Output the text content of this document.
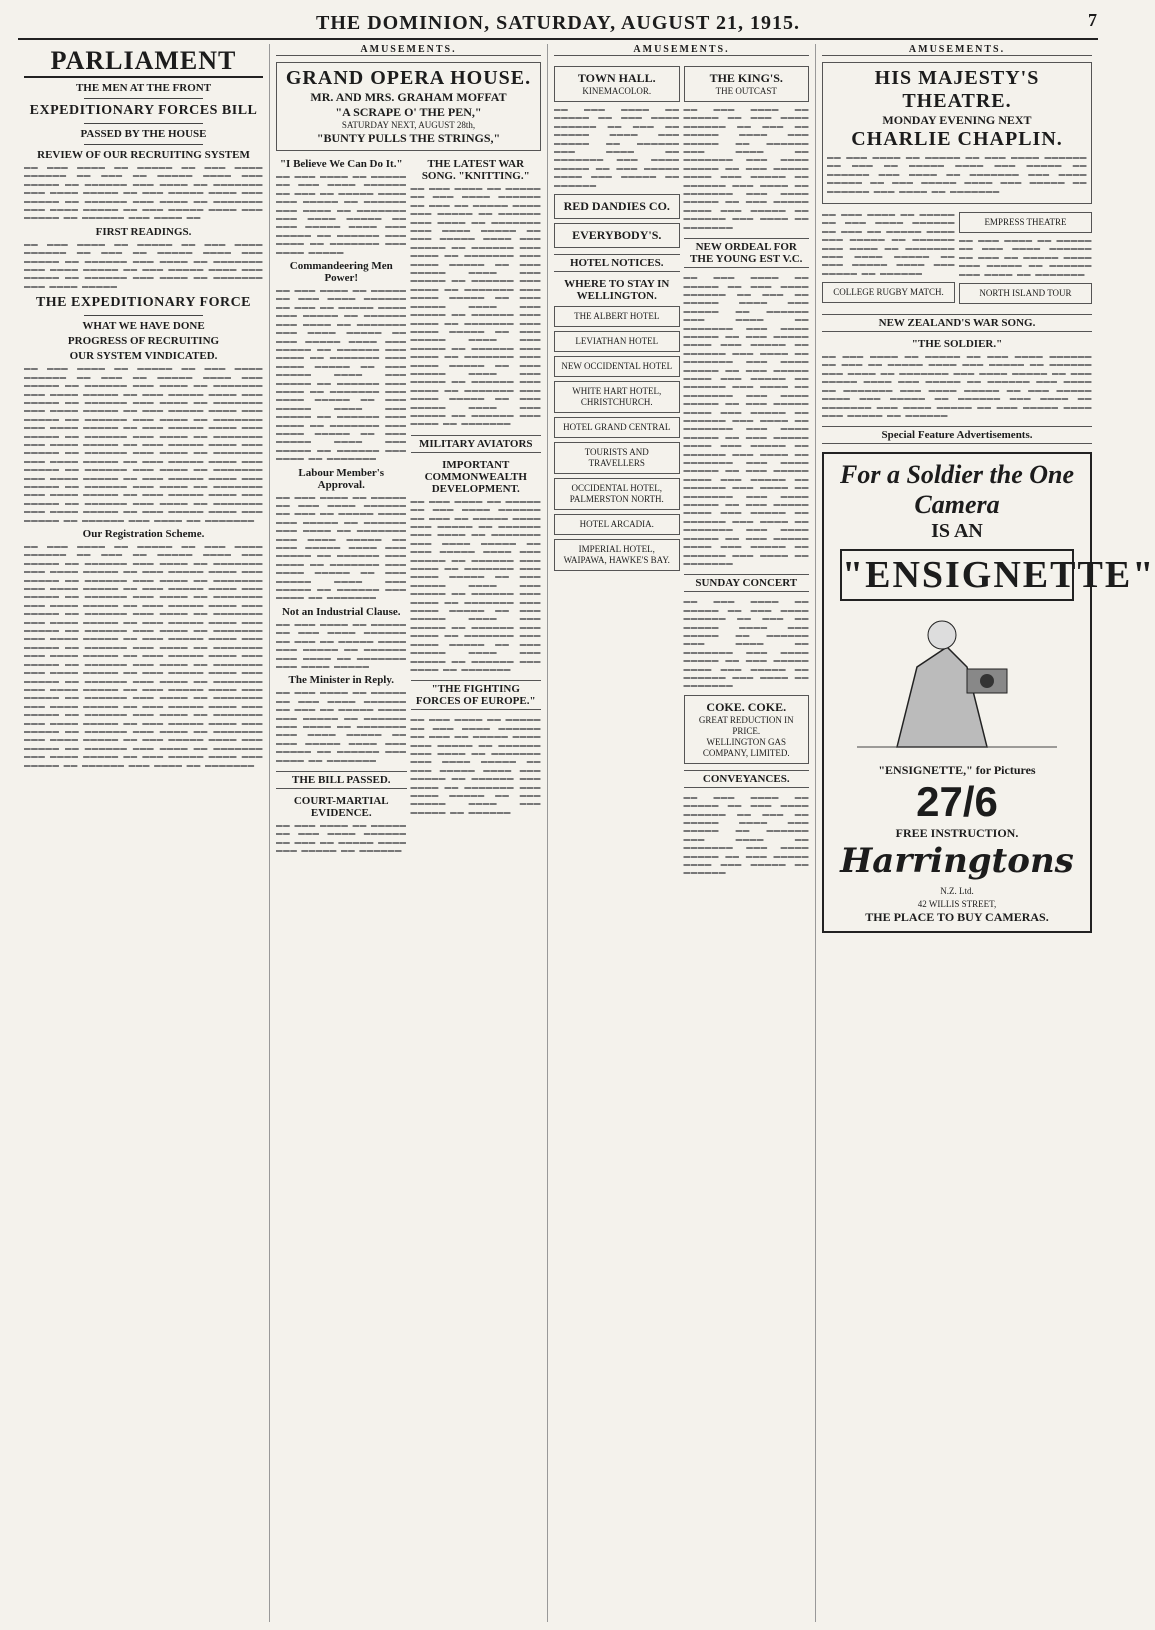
THE DOMINION, SATURDAY, AUGUST 21, 1915.	7
PARLIAMENT
THE MEN AT THE FRONT
EXPEDITIONARY FORCES BILL
PASSED BY THE HOUSE
REVIEW OF OUR RECRUITING SYSTEM
▬▬ ▬▬▬ ▬▬▬▬ ▬▬ ▬▬▬▬▬ ▬▬ ▬▬▬ ▬▬▬▬ ▬▬▬▬▬▬ ▬▬ ▬▬▬ ▬▬ ▬▬▬▬▬ ▬▬▬▬ ▬▬▬ ▬▬▬▬▬ ▬▬ ▬▬▬▬▬▬ ▬▬▬ ▬▬▬▬ ▬▬ ▬▬▬▬▬▬▬ ▬▬▬ ▬▬▬▬ ▬▬▬▬▬ ▬▬ ▬▬▬ ▬▬▬▬▬ ▬▬▬▬ ▬▬▬ ▬▬▬▬▬ ▬▬ ▬▬▬▬▬▬ ▬▬▬ ▬▬▬▬ ▬▬ ▬▬▬▬▬▬▬ ▬▬▬ ▬▬▬▬ ▬▬▬▬▬ ▬▬ ▬▬▬ ▬▬▬▬▬ ▬▬▬▬ ▬▬▬ ▬▬▬▬▬ ▬▬ ▬▬▬▬▬▬ ▬▬▬ ▬▬▬▬ ▬▬
FIRST READINGS.
▬▬ ▬▬▬ ▬▬▬▬ ▬▬ ▬▬▬▬▬ ▬▬ ▬▬▬ ▬▬▬▬ ▬▬▬▬▬▬ ▬▬ ▬▬▬ ▬▬ ▬▬▬▬▬ ▬▬▬▬ ▬▬▬ ▬▬▬▬▬ ▬▬ ▬▬▬▬▬▬ ▬▬▬ ▬▬▬▬ ▬▬ ▬▬▬▬▬▬▬ ▬▬▬ ▬▬▬▬ ▬▬▬▬▬ ▬▬ ▬▬▬ ▬▬▬▬▬ ▬▬▬▬ ▬▬▬ ▬▬▬▬▬ ▬▬ ▬▬▬▬▬▬ ▬▬▬ ▬▬▬▬ ▬▬ ▬▬▬▬▬▬▬ ▬▬▬ ▬▬▬▬ ▬▬▬▬▬
THE EXPEDITIONARY FORCE
WHAT WE HAVE DONE
PROGRESS OF RECRUITING
OUR SYSTEM VINDICATED.
▬▬ ▬▬▬ ▬▬▬▬ ▬▬ ▬▬▬▬▬ ▬▬ ▬▬▬ ▬▬▬▬ ▬▬▬▬▬▬ ▬▬ ▬▬▬ ▬▬ ▬▬▬▬▬ ▬▬▬▬ ▬▬▬ ▬▬▬▬▬ ▬▬ ▬▬▬▬▬▬ ▬▬▬ ▬▬▬▬ ▬▬ ▬▬▬▬▬▬▬ ▬▬▬ ▬▬▬▬ ▬▬▬▬▬ ▬▬ ▬▬▬ ▬▬▬▬▬ ▬▬▬▬ ▬▬▬ ▬▬▬▬▬ ▬▬ ▬▬▬▬▬▬ ▬▬▬ ▬▬▬▬ ▬▬ ▬▬▬▬▬▬▬ ▬▬▬ ▬▬▬▬ ▬▬▬▬▬ ▬▬ ▬▬▬ ▬▬▬▬▬ ▬▬▬▬ ▬▬▬ ▬▬▬▬▬ ▬▬ ▬▬▬▬▬▬ ▬▬▬ ▬▬▬▬ ▬▬ ▬▬▬▬▬▬▬ ▬▬▬ ▬▬▬▬ ▬▬▬▬▬ ▬▬ ▬▬▬ ▬▬▬▬▬ ▬▬▬▬ ▬▬▬ ▬▬▬▬▬ ▬▬ ▬▬▬▬▬▬ ▬▬▬ ▬▬▬▬ ▬▬ ▬▬▬▬▬▬▬ ▬▬▬ ▬▬▬▬ ▬▬▬▬▬ ▬▬ ▬▬▬ ▬▬▬▬▬ ▬▬▬▬ ▬▬▬ ▬▬▬▬▬ ▬▬ ▬▬▬▬▬▬ ▬▬▬ ▬▬▬▬ ▬▬ ▬▬▬▬▬▬▬ ▬▬▬ ▬▬▬▬ ▬▬▬▬▬ ▬▬ ▬▬▬ ▬▬▬▬▬ ▬▬▬▬ ▬▬▬ ▬▬▬▬▬ ▬▬ ▬▬▬▬▬▬ ▬▬▬ ▬▬▬▬ ▬▬ ▬▬▬▬▬▬▬ ▬▬▬ ▬▬▬▬ ▬▬▬▬▬ ▬▬ ▬▬▬ ▬▬▬▬▬ ▬▬▬▬ ▬▬▬ ▬▬▬▬▬ ▬▬ ▬▬▬▬▬▬ ▬▬▬ ▬▬▬▬ ▬▬ ▬▬▬▬▬▬▬ ▬▬▬ ▬▬▬▬ ▬▬▬▬▬ ▬▬ ▬▬▬ ▬▬▬▬▬ ▬▬▬▬ ▬▬▬ ▬▬▬▬▬ ▬▬ ▬▬▬▬▬▬ ▬▬▬ ▬▬▬▬ ▬▬ ▬▬▬▬▬▬▬ ▬▬▬ ▬▬▬▬ ▬▬▬▬▬ ▬▬ ▬▬▬ ▬▬▬▬▬ ▬▬▬▬ ▬▬▬ ▬▬▬▬▬ ▬▬ ▬▬▬▬▬▬ ▬▬▬ ▬▬▬▬ ▬▬ ▬▬▬▬▬▬▬
Our Registration Scheme.
▬▬ ▬▬▬ ▬▬▬▬ ▬▬ ▬▬▬▬▬ ▬▬ ▬▬▬ ▬▬▬▬ ▬▬▬▬▬▬ ▬▬ ▬▬▬ ▬▬ ▬▬▬▬▬ ▬▬▬▬ ▬▬▬ ▬▬▬▬▬ ▬▬ ▬▬▬▬▬▬ ▬▬▬ ▬▬▬▬ ▬▬ ▬▬▬▬▬▬▬ ▬▬▬ ▬▬▬▬ ▬▬▬▬▬ ▬▬ ▬▬▬ ▬▬▬▬▬ ▬▬▬▬ ▬▬▬ ▬▬▬▬▬ ▬▬ ▬▬▬▬▬▬ ▬▬▬ ▬▬▬▬ ▬▬ ▬▬▬▬▬▬▬ ▬▬▬ ▬▬▬▬ ▬▬▬▬▬ ▬▬ ▬▬▬ ▬▬▬▬▬ ▬▬▬▬ ▬▬▬ ▬▬▬▬▬ ▬▬ ▬▬▬▬▬▬ ▬▬▬ ▬▬▬▬ ▬▬ ▬▬▬▬▬▬▬ ▬▬▬ ▬▬▬▬ ▬▬▬▬▬ ▬▬ ▬▬▬ ▬▬▬▬▬ ▬▬▬▬ ▬▬▬ ▬▬▬▬▬ ▬▬ ▬▬▬▬▬▬ ▬▬▬ ▬▬▬▬ ▬▬ ▬▬▬▬▬▬▬ ▬▬▬ ▬▬▬▬ ▬▬▬▬▬ ▬▬ ▬▬▬ ▬▬▬▬▬ ▬▬▬▬ ▬▬▬ ▬▬▬▬▬ ▬▬ ▬▬▬▬▬▬ ▬▬▬ ▬▬▬▬ ▬▬ ▬▬▬▬▬▬▬ ▬▬▬ ▬▬▬▬ ▬▬▬▬▬ ▬▬ ▬▬▬ ▬▬▬▬▬ ▬▬▬▬ ▬▬▬ ▬▬▬▬▬ ▬▬ ▬▬▬▬▬▬ ▬▬▬ ▬▬▬▬ ▬▬ ▬▬▬▬▬▬▬ ▬▬▬ ▬▬▬▬ ▬▬▬▬▬ ▬▬ ▬▬▬ ▬▬▬▬▬ ▬▬▬▬ ▬▬▬ ▬▬▬▬▬ ▬▬ ▬▬▬▬▬▬ ▬▬▬ ▬▬▬▬ ▬▬ ▬▬▬▬▬▬▬ ▬▬▬ ▬▬▬▬ ▬▬▬▬▬ ▬▬ ▬▬▬ ▬▬▬▬▬ ▬▬▬▬ ▬▬▬ ▬▬▬▬▬ ▬▬ ▬▬▬▬▬▬ ▬▬▬ ▬▬▬▬ ▬▬ ▬▬▬▬▬▬▬ ▬▬▬ ▬▬▬▬ ▬▬▬▬▬ ▬▬ ▬▬▬ ▬▬▬▬▬ ▬▬▬▬ ▬▬▬ ▬▬▬▬▬ ▬▬ ▬▬▬▬▬▬ ▬▬▬ ▬▬▬▬ ▬▬ ▬▬▬▬▬▬▬ ▬▬▬ ▬▬▬▬ ▬▬▬▬▬ ▬▬ ▬▬▬ ▬▬▬▬▬ ▬▬▬▬ ▬▬▬ ▬▬▬▬▬ ▬▬ ▬▬▬▬▬▬ ▬▬▬ ▬▬▬▬ ▬▬ ▬▬▬▬▬▬▬ ▬▬▬ ▬▬▬▬ ▬▬▬▬▬ ▬▬ ▬▬▬ ▬▬▬▬▬ ▬▬▬▬ ▬▬▬ ▬▬▬▬▬ ▬▬ ▬▬▬▬▬▬ ▬▬▬ ▬▬▬▬ ▬▬ ▬▬▬▬▬▬▬ ▬▬▬ ▬▬▬▬ ▬▬▬▬▬ ▬▬ ▬▬▬ ▬▬▬▬▬ ▬▬▬▬ ▬▬▬ ▬▬▬▬▬ ▬▬ ▬▬▬▬▬▬ ▬▬▬ ▬▬▬▬ ▬▬ ▬▬▬▬▬▬▬ ▬▬▬ ▬▬▬▬ ▬▬▬▬▬ ▬▬ ▬▬▬ ▬▬▬▬▬ ▬▬▬▬ ▬▬▬ ▬▬▬▬▬ ▬▬ ▬▬▬▬▬▬ ▬▬▬ ▬▬▬▬ ▬▬ ▬▬▬▬▬▬▬
AMUSEMENTS.
GRAND OPERA HOUSE.
MR. AND MRS. GRAHAM MOFFAT
"A SCRAPE O' THE PEN,"
SATURDAY NEXT, AUGUST 28th,
"BUNTY PULLS THE STRINGS,"
"I Believe We Can Do It."
▬▬ ▬▬▬ ▬▬▬▬ ▬▬ ▬▬▬▬▬ ▬▬ ▬▬▬ ▬▬▬▬ ▬▬▬▬▬▬ ▬▬ ▬▬▬ ▬▬ ▬▬▬▬▬ ▬▬▬▬ ▬▬▬ ▬▬▬▬▬ ▬▬ ▬▬▬▬▬▬ ▬▬▬ ▬▬▬▬ ▬▬ ▬▬▬▬▬▬▬ ▬▬▬ ▬▬▬▬ ▬▬▬▬▬ ▬▬ ▬▬▬ ▬▬▬▬▬ ▬▬▬▬ ▬▬▬ ▬▬▬▬▬ ▬▬ ▬▬▬▬▬▬ ▬▬▬ ▬▬▬▬ ▬▬ ▬▬▬▬▬▬▬ ▬▬▬ ▬▬▬▬ ▬▬▬▬▬
Commandeering Men Power!
▬▬ ▬▬▬ ▬▬▬▬ ▬▬ ▬▬▬▬▬ ▬▬ ▬▬▬ ▬▬▬▬ ▬▬▬▬▬▬ ▬▬ ▬▬▬ ▬▬ ▬▬▬▬▬ ▬▬▬▬ ▬▬▬ ▬▬▬▬▬ ▬▬ ▬▬▬▬▬▬ ▬▬▬ ▬▬▬▬ ▬▬ ▬▬▬▬▬▬▬ ▬▬▬ ▬▬▬▬ ▬▬▬▬▬ ▬▬ ▬▬▬ ▬▬▬▬▬ ▬▬▬▬ ▬▬▬ ▬▬▬▬▬ ▬▬ ▬▬▬▬▬▬ ▬▬▬ ▬▬▬▬ ▬▬ ▬▬▬▬▬▬▬ ▬▬▬ ▬▬▬▬ ▬▬▬▬▬ ▬▬ ▬▬▬ ▬▬▬▬▬ ▬▬▬▬ ▬▬▬ ▬▬▬▬▬ ▬▬ ▬▬▬▬▬▬ ▬▬▬ ▬▬▬▬ ▬▬ ▬▬▬▬▬▬▬ ▬▬▬ ▬▬▬▬ ▬▬▬▬▬ ▬▬ ▬▬▬ ▬▬▬▬▬ ▬▬▬▬ ▬▬▬ ▬▬▬▬▬ ▬▬ ▬▬▬▬▬▬ ▬▬▬ ▬▬▬▬ ▬▬ ▬▬▬▬▬▬▬ ▬▬▬ ▬▬▬▬ ▬▬▬▬▬ ▬▬ ▬▬▬ ▬▬▬▬▬ ▬▬▬▬ ▬▬▬ ▬▬▬▬▬ ▬▬ ▬▬▬▬▬▬ ▬▬▬ ▬▬▬▬ ▬▬ ▬▬▬▬▬▬▬
Labour Member's Approval.
▬▬ ▬▬▬ ▬▬▬▬ ▬▬ ▬▬▬▬▬ ▬▬ ▬▬▬ ▬▬▬▬ ▬▬▬▬▬▬ ▬▬ ▬▬▬ ▬▬ ▬▬▬▬▬ ▬▬▬▬ ▬▬▬ ▬▬▬▬▬ ▬▬ ▬▬▬▬▬▬ ▬▬▬ ▬▬▬▬ ▬▬ ▬▬▬▬▬▬▬ ▬▬▬ ▬▬▬▬ ▬▬▬▬▬ ▬▬ ▬▬▬ ▬▬▬▬▬ ▬▬▬▬ ▬▬▬ ▬▬▬▬▬ ▬▬ ▬▬▬▬▬▬ ▬▬▬ ▬▬▬▬ ▬▬ ▬▬▬▬▬▬▬ ▬▬▬ ▬▬▬▬ ▬▬▬▬▬ ▬▬ ▬▬▬ ▬▬▬▬▬ ▬▬▬▬ ▬▬▬ ▬▬▬▬▬ ▬▬ ▬▬▬▬▬▬ ▬▬▬ ▬▬▬▬ ▬▬ ▬▬▬▬▬▬▬
Not an Industrial Clause.
▬▬ ▬▬▬ ▬▬▬▬ ▬▬ ▬▬▬▬▬ ▬▬ ▬▬▬ ▬▬▬▬ ▬▬▬▬▬▬ ▬▬ ▬▬▬ ▬▬ ▬▬▬▬▬ ▬▬▬▬ ▬▬▬ ▬▬▬▬▬ ▬▬ ▬▬▬▬▬▬ ▬▬▬ ▬▬▬▬ ▬▬ ▬▬▬▬▬▬▬ ▬▬▬ ▬▬▬▬ ▬▬▬▬▬
The Minister in Reply.
▬▬ ▬▬▬ ▬▬▬▬ ▬▬ ▬▬▬▬▬ ▬▬ ▬▬▬ ▬▬▬▬ ▬▬▬▬▬▬ ▬▬ ▬▬▬ ▬▬ ▬▬▬▬▬ ▬▬▬▬ ▬▬▬ ▬▬▬▬▬ ▬▬ ▬▬▬▬▬▬ ▬▬▬ ▬▬▬▬ ▬▬ ▬▬▬▬▬▬▬ ▬▬▬ ▬▬▬▬ ▬▬▬▬▬ ▬▬ ▬▬▬ ▬▬▬▬▬ ▬▬▬▬ ▬▬▬ ▬▬▬▬▬ ▬▬ ▬▬▬▬▬▬ ▬▬▬ ▬▬▬▬ ▬▬ ▬▬▬▬▬▬▬
THE BILL PASSED.
COURT-MARTIAL EVIDENCE.
▬▬ ▬▬▬ ▬▬▬▬ ▬▬ ▬▬▬▬▬ ▬▬ ▬▬▬ ▬▬▬▬ ▬▬▬▬▬▬ ▬▬ ▬▬▬ ▬▬ ▬▬▬▬▬ ▬▬▬▬ ▬▬▬ ▬▬▬▬▬ ▬▬ ▬▬▬▬▬▬
THE LATEST WAR SONG. "KNITTING."
▬▬ ▬▬▬ ▬▬▬▬ ▬▬ ▬▬▬▬▬ ▬▬ ▬▬▬ ▬▬▬▬ ▬▬▬▬▬▬ ▬▬ ▬▬▬ ▬▬ ▬▬▬▬▬ ▬▬▬▬ ▬▬▬ ▬▬▬▬▬ ▬▬ ▬▬▬▬▬▬ ▬▬▬ ▬▬▬▬ ▬▬ ▬▬▬▬▬▬▬ ▬▬▬ ▬▬▬▬ ▬▬▬▬▬ ▬▬ ▬▬▬ ▬▬▬▬▬ ▬▬▬▬ ▬▬▬ ▬▬▬▬▬ ▬▬ ▬▬▬▬▬▬ ▬▬▬ ▬▬▬▬ ▬▬ ▬▬▬▬▬▬▬ ▬▬▬ ▬▬▬▬ ▬▬▬▬▬ ▬▬ ▬▬▬ ▬▬▬▬▬ ▬▬▬▬ ▬▬▬ ▬▬▬▬▬ ▬▬ ▬▬▬▬▬▬ ▬▬▬ ▬▬▬▬ ▬▬ ▬▬▬▬▬▬▬ ▬▬▬ ▬▬▬▬ ▬▬▬▬▬ ▬▬ ▬▬▬ ▬▬▬▬▬ ▬▬▬▬ ▬▬▬ ▬▬▬▬▬ ▬▬ ▬▬▬▬▬▬ ▬▬▬ ▬▬▬▬ ▬▬ ▬▬▬▬▬▬▬ ▬▬▬ ▬▬▬▬ ▬▬▬▬▬ ▬▬ ▬▬▬ ▬▬▬▬▬ ▬▬▬▬ ▬▬▬ ▬▬▬▬▬ ▬▬ ▬▬▬▬▬▬ ▬▬▬ ▬▬▬▬ ▬▬ ▬▬▬▬▬▬▬ ▬▬▬ ▬▬▬▬ ▬▬▬▬▬ ▬▬ ▬▬▬ ▬▬▬▬▬ ▬▬▬▬ ▬▬▬ ▬▬▬▬▬ ▬▬ ▬▬▬▬▬▬ ▬▬▬ ▬▬▬▬ ▬▬ ▬▬▬▬▬▬▬ ▬▬▬ ▬▬▬▬ ▬▬▬▬▬ ▬▬ ▬▬▬ ▬▬▬▬▬ ▬▬▬▬ ▬▬▬ ▬▬▬▬▬ ▬▬ ▬▬▬▬▬▬ ▬▬▬ ▬▬▬▬ ▬▬ ▬▬▬▬▬▬▬
MILITARY AVIATORS
IMPORTANT COMMONWEALTH DEVELOPMENT.
▬▬ ▬▬▬ ▬▬▬▬ ▬▬ ▬▬▬▬▬ ▬▬ ▬▬▬ ▬▬▬▬ ▬▬▬▬▬▬ ▬▬ ▬▬▬ ▬▬ ▬▬▬▬▬ ▬▬▬▬ ▬▬▬ ▬▬▬▬▬ ▬▬ ▬▬▬▬▬▬ ▬▬▬ ▬▬▬▬ ▬▬ ▬▬▬▬▬▬▬ ▬▬▬ ▬▬▬▬ ▬▬▬▬▬ ▬▬ ▬▬▬ ▬▬▬▬▬ ▬▬▬▬ ▬▬▬ ▬▬▬▬▬ ▬▬ ▬▬▬▬▬▬ ▬▬▬ ▬▬▬▬ ▬▬ ▬▬▬▬▬▬▬ ▬▬▬ ▬▬▬▬ ▬▬▬▬▬ ▬▬ ▬▬▬ ▬▬▬▬▬ ▬▬▬▬ ▬▬▬ ▬▬▬▬▬ ▬▬ ▬▬▬▬▬▬ ▬▬▬ ▬▬▬▬ ▬▬ ▬▬▬▬▬▬▬ ▬▬▬ ▬▬▬▬ ▬▬▬▬▬ ▬▬ ▬▬▬ ▬▬▬▬▬ ▬▬▬▬ ▬▬▬ ▬▬▬▬▬ ▬▬ ▬▬▬▬▬▬ ▬▬▬ ▬▬▬▬ ▬▬ ▬▬▬▬▬▬▬ ▬▬▬ ▬▬▬▬ ▬▬▬▬▬ ▬▬ ▬▬▬ ▬▬▬▬▬ ▬▬▬▬ ▬▬▬ ▬▬▬▬▬ ▬▬ ▬▬▬▬▬▬ ▬▬▬ ▬▬▬▬ ▬▬ ▬▬▬▬▬▬▬
"THE FIGHTING FORCES OF EUROPE."
▬▬ ▬▬▬ ▬▬▬▬ ▬▬ ▬▬▬▬▬ ▬▬ ▬▬▬ ▬▬▬▬ ▬▬▬▬▬▬ ▬▬ ▬▬▬ ▬▬ ▬▬▬▬▬ ▬▬▬▬ ▬▬▬ ▬▬▬▬▬ ▬▬ ▬▬▬▬▬▬ ▬▬▬ ▬▬▬▬ ▬▬ ▬▬▬▬▬▬▬ ▬▬▬ ▬▬▬▬ ▬▬▬▬▬ ▬▬ ▬▬▬ ▬▬▬▬▬ ▬▬▬▬ ▬▬▬ ▬▬▬▬▬ ▬▬ ▬▬▬▬▬▬ ▬▬▬ ▬▬▬▬ ▬▬ ▬▬▬▬▬▬▬ ▬▬▬ ▬▬▬▬ ▬▬▬▬▬ ▬▬ ▬▬▬ ▬▬▬▬▬ ▬▬▬▬ ▬▬▬ ▬▬▬▬▬ ▬▬ ▬▬▬▬▬▬
AMUSEMENTS.
TOWN HALL.
KINEMACOLOR.
▬▬ ▬▬▬ ▬▬▬▬ ▬▬ ▬▬▬▬▬ ▬▬ ▬▬▬ ▬▬▬▬ ▬▬▬▬▬▬ ▬▬ ▬▬▬ ▬▬ ▬▬▬▬▬ ▬▬▬▬ ▬▬▬ ▬▬▬▬▬ ▬▬ ▬▬▬▬▬▬ ▬▬▬ ▬▬▬▬ ▬▬ ▬▬▬▬▬▬▬ ▬▬▬ ▬▬▬▬ ▬▬▬▬▬ ▬▬ ▬▬▬ ▬▬▬▬▬ ▬▬▬▬ ▬▬▬ ▬▬▬▬▬ ▬▬ ▬▬▬▬▬▬
RED DANDIES CO.
EVERYBODY'S.
HOTEL NOTICES.
WHERE TO STAY IN WELLINGTON.
THE ALBERT HOTEL
LEVIATHAN HOTEL
NEW OCCIDENTAL HOTEL
WHITE HART HOTEL, CHRISTCHURCH.
HOTEL GRAND CENTRAL
TOURISTS AND TRAVELLERS
OCCIDENTAL HOTEL, PALMERSTON NORTH.
HOTEL ARCADIA.
IMPERIAL HOTEL, WAIPAWA, HAWKE'S BAY.
THE KING'S.
THE OUTCAST
▬▬ ▬▬▬ ▬▬▬▬ ▬▬ ▬▬▬▬▬ ▬▬ ▬▬▬ ▬▬▬▬ ▬▬▬▬▬▬ ▬▬ ▬▬▬ ▬▬ ▬▬▬▬▬ ▬▬▬▬ ▬▬▬ ▬▬▬▬▬ ▬▬ ▬▬▬▬▬▬ ▬▬▬ ▬▬▬▬ ▬▬ ▬▬▬▬▬▬▬ ▬▬▬ ▬▬▬▬ ▬▬▬▬▬ ▬▬ ▬▬▬ ▬▬▬▬▬ ▬▬▬▬ ▬▬▬ ▬▬▬▬▬ ▬▬ ▬▬▬▬▬▬ ▬▬▬ ▬▬▬▬ ▬▬ ▬▬▬▬▬▬▬ ▬▬▬ ▬▬▬▬ ▬▬▬▬▬ ▬▬ ▬▬▬ ▬▬▬▬▬ ▬▬▬▬ ▬▬▬ ▬▬▬▬▬ ▬▬ ▬▬▬▬▬▬ ▬▬▬ ▬▬▬▬ ▬▬ ▬▬▬▬▬▬▬
NEW ORDEAL FOR THE YOUNG EST V.C.
▬▬ ▬▬▬ ▬▬▬▬ ▬▬ ▬▬▬▬▬ ▬▬ ▬▬▬ ▬▬▬▬ ▬▬▬▬▬▬ ▬▬ ▬▬▬ ▬▬ ▬▬▬▬▬ ▬▬▬▬ ▬▬▬ ▬▬▬▬▬ ▬▬ ▬▬▬▬▬▬ ▬▬▬ ▬▬▬▬ ▬▬ ▬▬▬▬▬▬▬ ▬▬▬ ▬▬▬▬ ▬▬▬▬▬ ▬▬ ▬▬▬ ▬▬▬▬▬ ▬▬▬▬ ▬▬▬ ▬▬▬▬▬ ▬▬ ▬▬▬▬▬▬ ▬▬▬ ▬▬▬▬ ▬▬ ▬▬▬▬▬▬▬ ▬▬▬ ▬▬▬▬ ▬▬▬▬▬ ▬▬ ▬▬▬ ▬▬▬▬▬ ▬▬▬▬ ▬▬▬ ▬▬▬▬▬ ▬▬ ▬▬▬▬▬▬ ▬▬▬ ▬▬▬▬ ▬▬ ▬▬▬▬▬▬▬ ▬▬▬ ▬▬▬▬ ▬▬▬▬▬ ▬▬ ▬▬▬ ▬▬▬▬▬ ▬▬▬▬ ▬▬▬ ▬▬▬▬▬ ▬▬ ▬▬▬▬▬▬ ▬▬▬ ▬▬▬▬ ▬▬ ▬▬▬▬▬▬▬ ▬▬▬ ▬▬▬▬ ▬▬▬▬▬ ▬▬ ▬▬▬ ▬▬▬▬▬ ▬▬▬▬ ▬▬▬ ▬▬▬▬▬ ▬▬ ▬▬▬▬▬▬ ▬▬▬ ▬▬▬▬ ▬▬ ▬▬▬▬▬▬▬ ▬▬▬ ▬▬▬▬ ▬▬▬▬▬ ▬▬ ▬▬▬ ▬▬▬▬▬ ▬▬▬▬ ▬▬▬ ▬▬▬▬▬ ▬▬ ▬▬▬▬▬▬ ▬▬▬ ▬▬▬▬ ▬▬ ▬▬▬▬▬▬▬ ▬▬▬ ▬▬▬▬ ▬▬▬▬▬ ▬▬ ▬▬▬ ▬▬▬▬▬ ▬▬▬▬ ▬▬▬ ▬▬▬▬▬ ▬▬ ▬▬▬▬▬▬ ▬▬▬ ▬▬▬▬ ▬▬ ▬▬▬▬▬▬▬ ▬▬▬ ▬▬▬▬ ▬▬▬▬▬ ▬▬ ▬▬▬ ▬▬▬▬▬ ▬▬▬▬ ▬▬▬ ▬▬▬▬▬ ▬▬ ▬▬▬▬▬▬ ▬▬▬ ▬▬▬▬ ▬▬ ▬▬▬▬▬▬▬
SUNDAY CONCERT
▬▬ ▬▬▬ ▬▬▬▬ ▬▬ ▬▬▬▬▬ ▬▬ ▬▬▬ ▬▬▬▬ ▬▬▬▬▬▬ ▬▬ ▬▬▬ ▬▬ ▬▬▬▬▬ ▬▬▬▬ ▬▬▬ ▬▬▬▬▬ ▬▬ ▬▬▬▬▬▬ ▬▬▬ ▬▬▬▬ ▬▬ ▬▬▬▬▬▬▬ ▬▬▬ ▬▬▬▬ ▬▬▬▬▬ ▬▬ ▬▬▬ ▬▬▬▬▬ ▬▬▬▬ ▬▬▬ ▬▬▬▬▬ ▬▬ ▬▬▬▬▬▬ ▬▬▬ ▬▬▬▬ ▬▬ ▬▬▬▬▬▬▬
COKE. COKE.
GREAT REDUCTION IN PRICE.
WELLINGTON GAS COMPANY, LIMITED.
CONVEYANCES.
▬▬ ▬▬▬ ▬▬▬▬ ▬▬ ▬▬▬▬▬ ▬▬ ▬▬▬ ▬▬▬▬ ▬▬▬▬▬▬ ▬▬ ▬▬▬ ▬▬ ▬▬▬▬▬ ▬▬▬▬ ▬▬▬ ▬▬▬▬▬ ▬▬ ▬▬▬▬▬▬ ▬▬▬ ▬▬▬▬ ▬▬ ▬▬▬▬▬▬▬ ▬▬▬ ▬▬▬▬ ▬▬▬▬▬ ▬▬ ▬▬▬ ▬▬▬▬▬ ▬▬▬▬ ▬▬▬ ▬▬▬▬▬ ▬▬ ▬▬▬▬▬▬
AMUSEMENTS.
HIS MAJESTY'S THEATRE.
MONDAY EVENING NEXT
CHARLIE CHAPLIN.
▬▬ ▬▬▬ ▬▬▬▬ ▬▬ ▬▬▬▬▬ ▬▬ ▬▬▬ ▬▬▬▬ ▬▬▬▬▬▬ ▬▬ ▬▬▬ ▬▬ ▬▬▬▬▬ ▬▬▬▬ ▬▬▬ ▬▬▬▬▬ ▬▬ ▬▬▬▬▬▬ ▬▬▬ ▬▬▬▬ ▬▬ ▬▬▬▬▬▬▬ ▬▬▬ ▬▬▬▬ ▬▬▬▬▬ ▬▬ ▬▬▬ ▬▬▬▬▬ ▬▬▬▬ ▬▬▬ ▬▬▬▬▬ ▬▬ ▬▬▬▬▬▬ ▬▬▬ ▬▬▬▬ ▬▬ ▬▬▬▬▬▬▬
▬▬ ▬▬▬ ▬▬▬▬ ▬▬ ▬▬▬▬▬ ▬▬ ▬▬▬ ▬▬▬▬ ▬▬▬▬▬▬ ▬▬ ▬▬▬ ▬▬ ▬▬▬▬▬ ▬▬▬▬ ▬▬▬ ▬▬▬▬▬ ▬▬ ▬▬▬▬▬▬ ▬▬▬ ▬▬▬▬ ▬▬ ▬▬▬▬▬▬▬ ▬▬▬ ▬▬▬▬ ▬▬▬▬▬ ▬▬ ▬▬▬ ▬▬▬▬▬ ▬▬▬▬ ▬▬▬ ▬▬▬▬▬ ▬▬ ▬▬▬▬▬▬
COLLEGE RUGBY MATCH.
EMPRESS THEATRE
▬▬ ▬▬▬ ▬▬▬▬ ▬▬ ▬▬▬▬▬ ▬▬ ▬▬▬ ▬▬▬▬ ▬▬▬▬▬▬ ▬▬ ▬▬▬ ▬▬ ▬▬▬▬▬ ▬▬▬▬ ▬▬▬ ▬▬▬▬▬ ▬▬ ▬▬▬▬▬▬ ▬▬▬ ▬▬▬▬ ▬▬ ▬▬▬▬▬▬▬
NORTH ISLAND TOUR
NEW ZEALAND'S WAR SONG.
"THE SOLDIER."
▬▬ ▬▬▬ ▬▬▬▬ ▬▬ ▬▬▬▬▬ ▬▬ ▬▬▬ ▬▬▬▬ ▬▬▬▬▬▬ ▬▬ ▬▬▬ ▬▬ ▬▬▬▬▬ ▬▬▬▬ ▬▬▬ ▬▬▬▬▬ ▬▬ ▬▬▬▬▬▬ ▬▬▬ ▬▬▬▬ ▬▬ ▬▬▬▬▬▬▬ ▬▬▬ ▬▬▬▬ ▬▬▬▬▬ ▬▬ ▬▬▬ ▬▬▬▬▬ ▬▬▬▬ ▬▬▬ ▬▬▬▬▬ ▬▬ ▬▬▬▬▬▬ ▬▬▬ ▬▬▬▬ ▬▬ ▬▬▬▬▬▬▬ ▬▬▬ ▬▬▬▬ ▬▬▬▬▬ ▬▬ ▬▬▬ ▬▬▬▬▬ ▬▬▬▬ ▬▬▬ ▬▬▬▬▬ ▬▬ ▬▬▬▬▬▬ ▬▬▬ ▬▬▬▬ ▬▬ ▬▬▬▬▬▬▬ ▬▬▬ ▬▬▬▬ ▬▬▬▬▬ ▬▬ ▬▬▬ ▬▬▬▬▬ ▬▬▬▬ ▬▬▬ ▬▬▬▬▬ ▬▬ ▬▬▬▬▬▬
Special Feature Advertisements.
For a Soldier the One Camera
IS AN
"ENSIGNETTE"
"ENSIGNETTE," for Pictures
27/6
FREE INSTRUCTION.
Harringtons N.Z. Ltd.
42 WILLIS STREET,
THE PLACE TO BUY CAMERAS.
